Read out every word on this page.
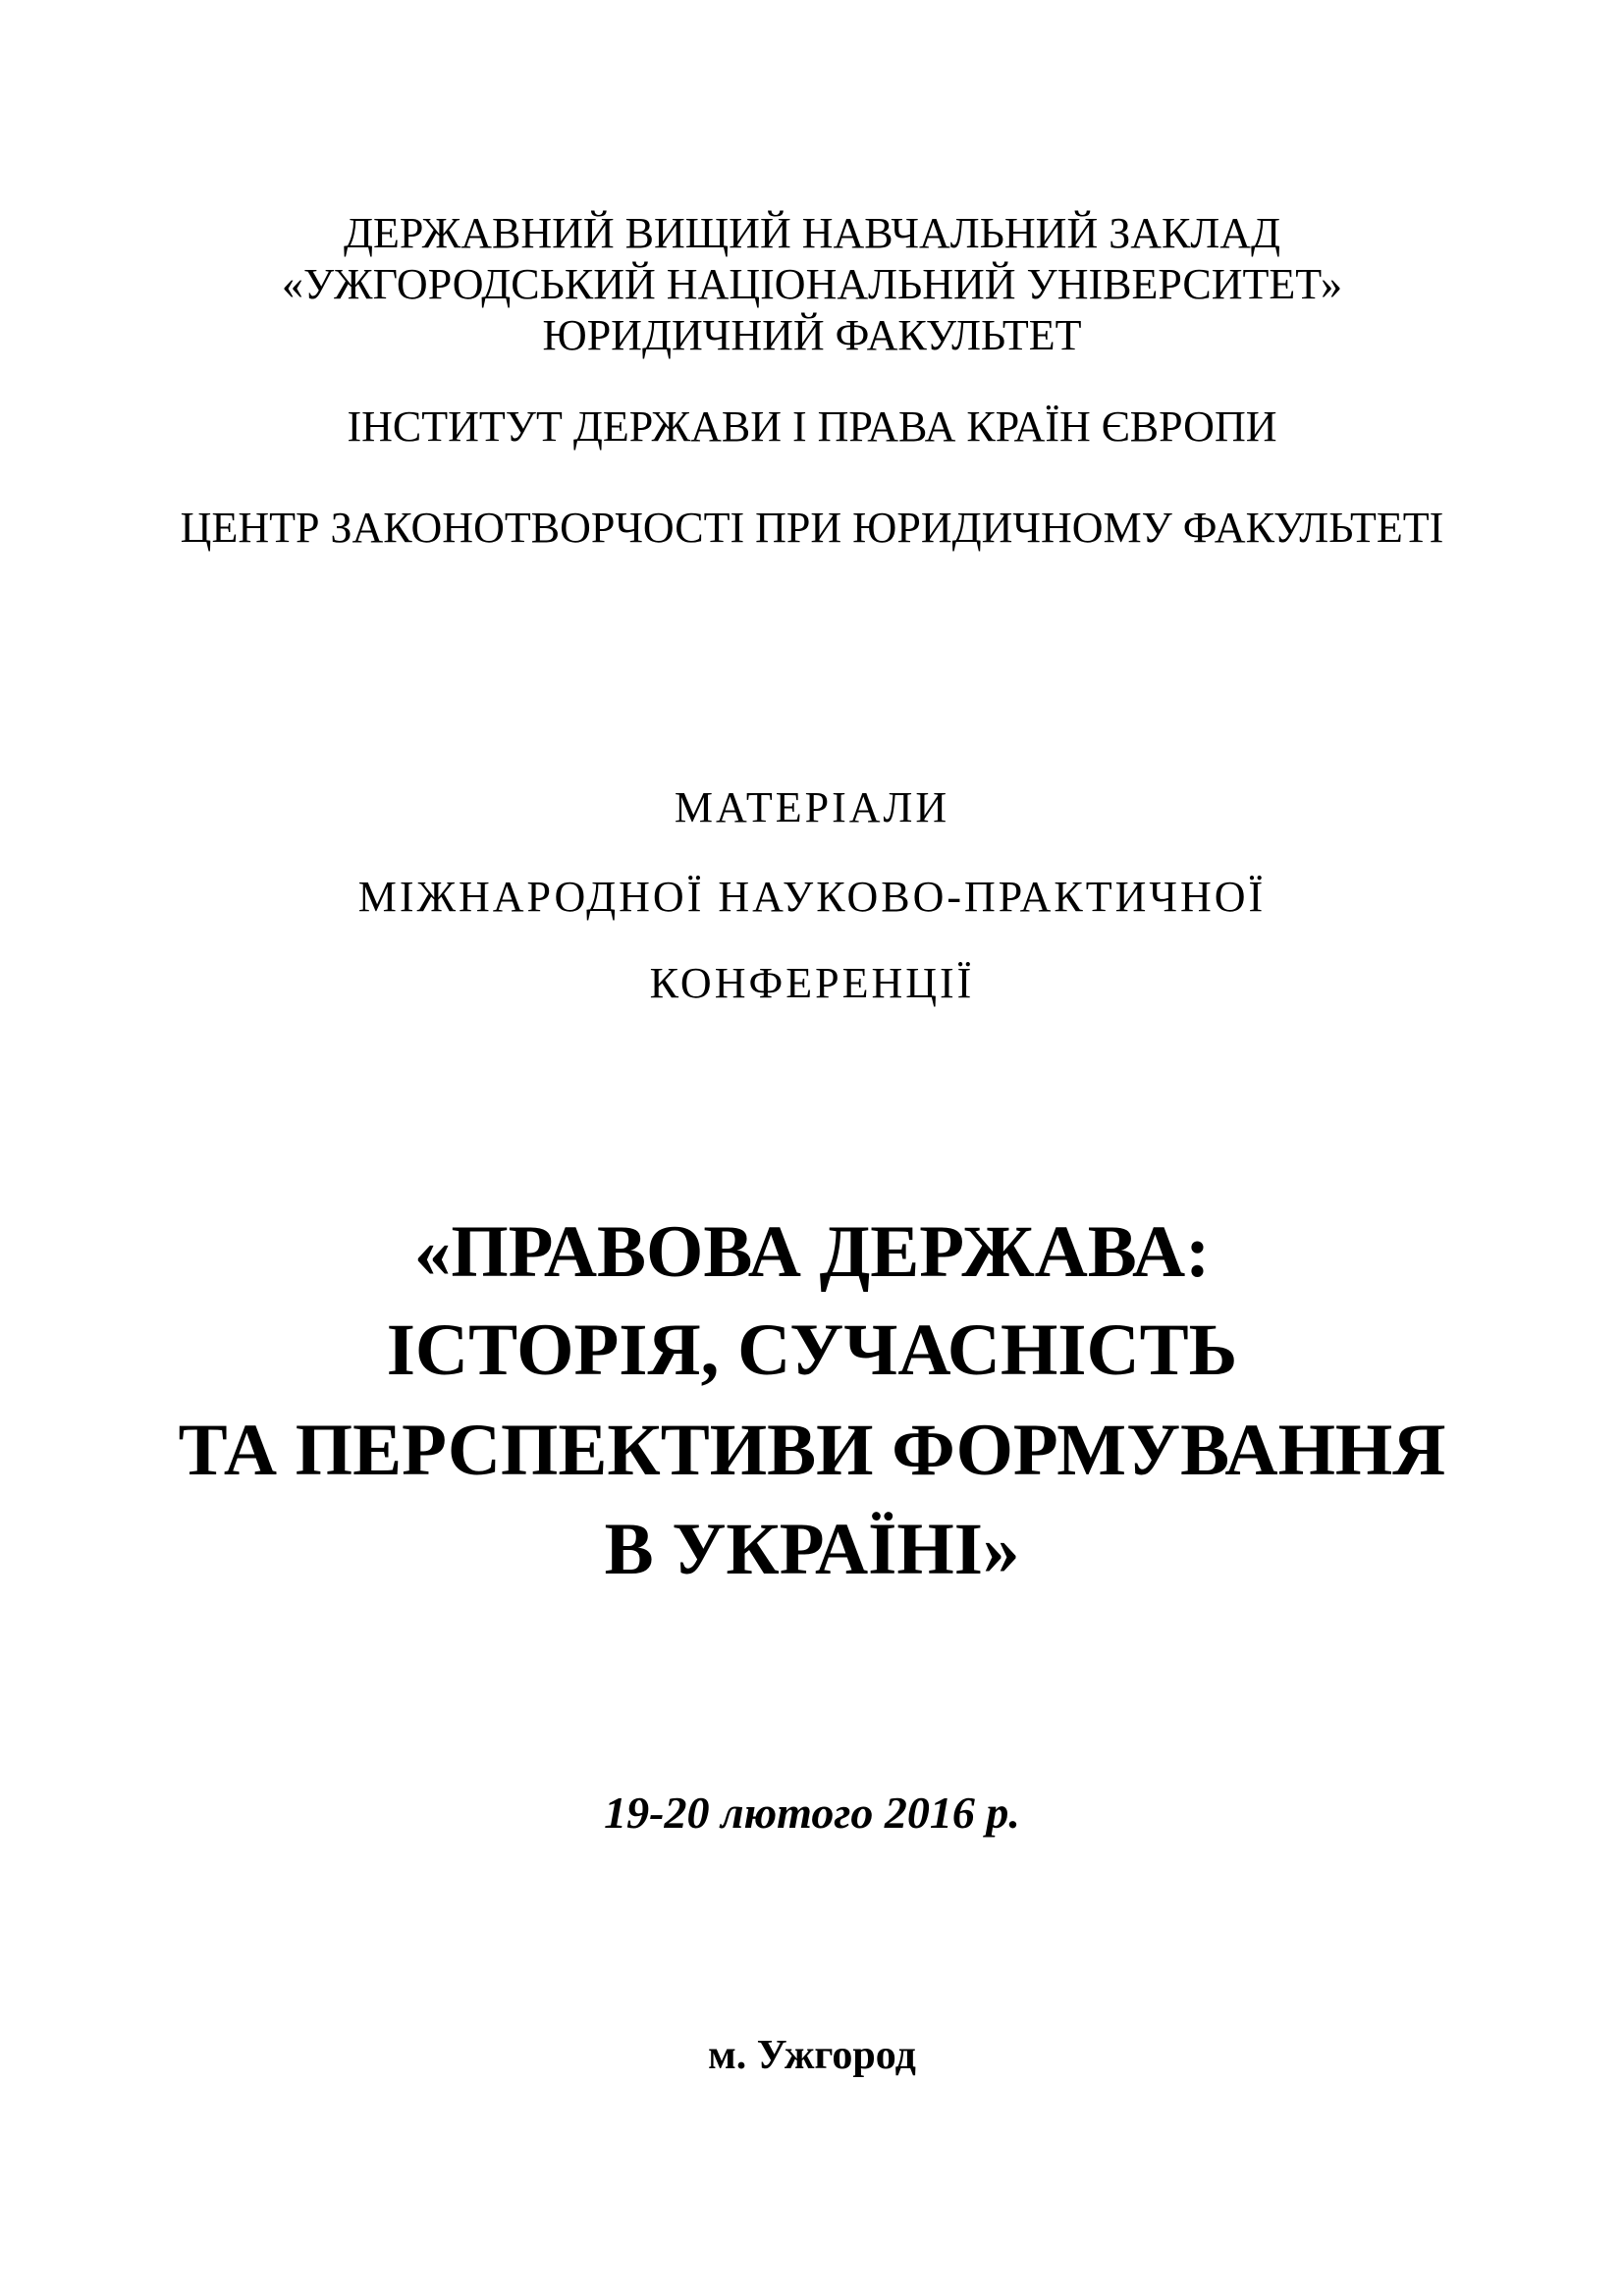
ДЕРЖАВНИЙ ВИЩИЙ НАВЧАЛЬНИЙ ЗАКЛАД

«УЖГОРОДСЬКИЙ НАЦІОНАЛЬНИЙ УНІВЕРСИТЕТ»

ЮРИДИЧНИЙ ФАКУЛЬТЕТ

ІНСТИТУТ ДЕРЖАВИ І ПРАВА КРАЇН ЄВРОПИ

ЦЕНТР ЗАКОНОТВОРЧОСТІ ПРИ ЮРИДИЧНОМУ ФАКУЛЬТЕТІ

МАТЕРІАЛИ

МІЖНАРОДНОЇ НАУКОВО-ПРАКТИЧНОЇ

КОНФЕРЕНЦІЇ

«ПРАВОВА ДЕРЖАВА:

ІСТОРІЯ, СУЧАСНІСТЬ

ТА ПЕРСПЕКТИВИ ФОРМУВАННЯ

В УКРАЇНІ»

19-20 лютого 2016 р.

м. Ужгород
